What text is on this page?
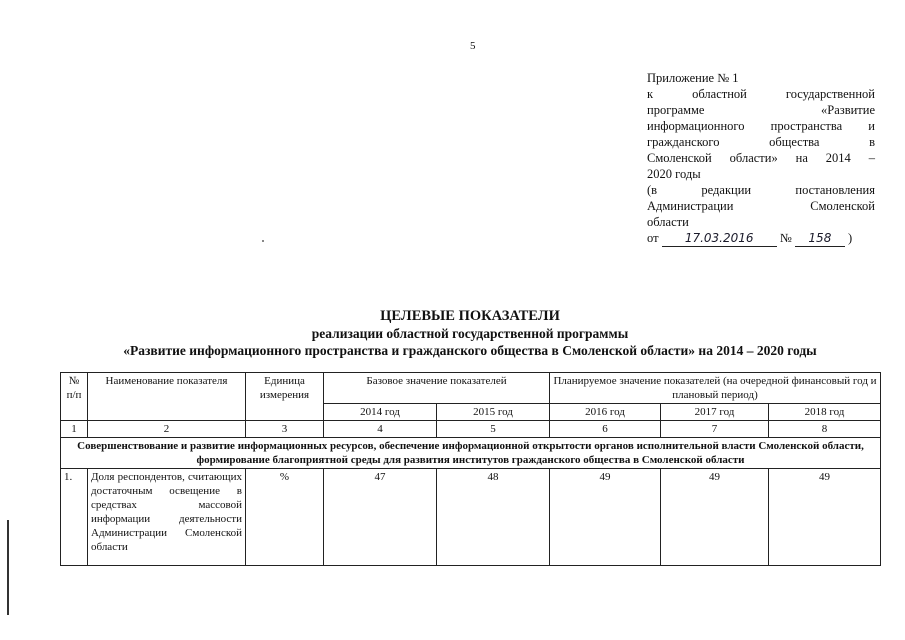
5
Приложение № 1
к областной государственной
программе «Развитие
информационного пространства и
гражданского общества в
Смоленской области» на 2014 –
2020 годы
(в редакции постановления
Администрации Смоленской
области
от 17.03.2016 № 158 )
ЦЕЛЕВЫЕ ПОКАЗАТЕЛИ
реализации областной государственной программы
«Развитие информационного пространства и гражданского общества в Смоленской области» на 2014 – 2020 годы
№ п/п	Наименование показателя	Единица измерения	Базовое значение показателей		Планируемое значение показателей (на очередной финансовый год и плановый период)		
			2014 год	2015 год	2016 год	2017 год	2018 год
1	2	3	4	5	6	7	8
Совершенствование и развитие информационных ресурсов, обеспечение информационной открытости органов исполнительной власти Смоленской области, формирование благоприятной среды для развития институтов гражданского общества в Смоленской области							
1.	Доля респондентов, считающих достаточным освещение в средствах массовой информации деятельности Администрации Смоленской области	%	47	48	49	49	49
